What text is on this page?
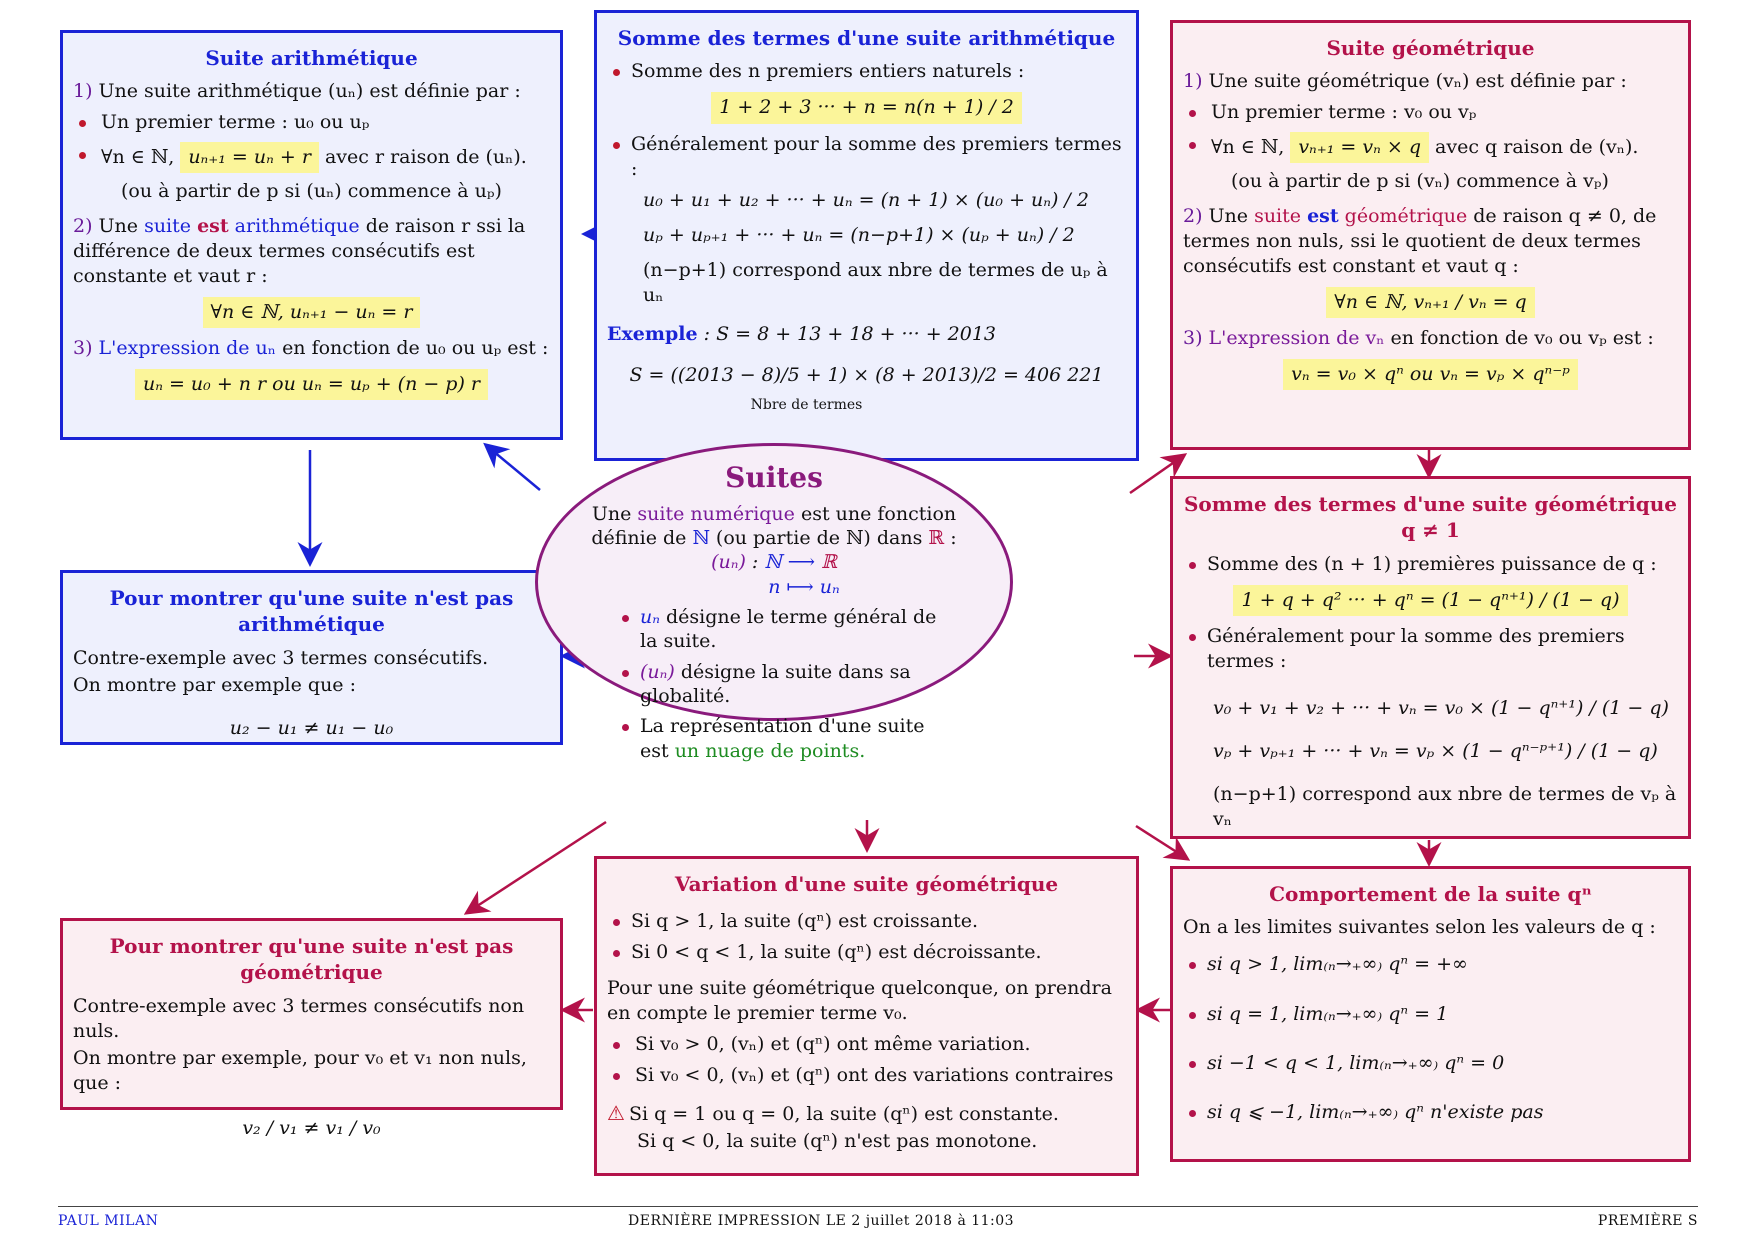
Suite arithmétique
1) Une suite arithmétique (uₙ) est définie par :
Un premier terme : u₀ ou uₚ
∀n ∈ ℕ, uₙ₊₁ = uₙ + r avec r raison de (uₙ).
(ou à partir de p si (uₙ) commence à uₚ)
2) Une suite est arithmétique de raison r ssi la différence de deux termes consécutifs est constante et vaut r :
∀n ∈ ℕ, uₙ₊₁ − uₙ = r
3) L'expression de uₙ en fonction de u₀ ou uₚ est :
uₙ = u₀ + n r ou uₙ = uₚ + (n − p) r
Somme des termes d'une suite arithmétique
Somme des n premiers entiers naturels :
1 + 2 + 3 ··· + n = n(n + 1) / 2
Généralement pour la somme des premiers termes :
u₀ + u₁ + u₂ + ··· + uₙ = (n + 1) × (u₀ + uₙ) / 2
uₚ + uₚ₊₁ + ··· + uₙ = (n−p+1) × (uₚ + uₙ) / 2
(n−p+1) correspond aux nbre de termes de uₚ à uₙ
Exemple : S = 8 + 13 + 18 + ··· + 2013
S = ((2013 − 8)/5 + 1) × (8 + 2013)/2 = 406 221
Nbre de termes
Suite géométrique
1) Une suite géométrique (vₙ) est définie par :
Un premier terme : v₀ ou vₚ
∀n ∈ ℕ, vₙ₊₁ = vₙ × q avec q raison de (vₙ).
(ou à partir de p si (vₙ) commence à vₚ)
2) Une suite est géométrique de raison q ≠ 0, de termes non nuls, ssi le quotient de deux termes consécutifs est constant et vaut q :
∀n ∈ ℕ, vₙ₊₁ / vₙ = q
3) L'expression de vₙ en fonction de v₀ ou vₚ est :
vₙ = v₀ × qⁿ ou vₙ = vₚ × qⁿ⁻ᵖ
Pour montrer qu'une suite n'est pas arithmétique
Contre-exemple avec 3 termes consécutifs.
On montre par exemple que :
u₂ − u₁ ≠ u₁ − u₀
Suites
Une suite numérique est une fonction
définie de ℕ (ou partie de ℕ) dans ℝ :
(uₙ) : ℕ ⟶ ℝ
n ⟼ uₙ
uₙ désigne le terme général de la suite.
(uₙ) désigne la suite dans sa globalité.
La représentation d'une suite est un nuage de points.
Somme des termes d'une suite géométrique q ≠ 1
Somme des (n + 1) premières puissance de q :
1 + q + q² ··· + qⁿ = (1 − qⁿ⁺¹) / (1 − q)
Généralement pour la somme des premiers termes :
v₀ + v₁ + v₂ + ··· + vₙ = v₀ × (1 − qⁿ⁺¹) / (1 − q)
vₚ + vₚ₊₁ + ··· + vₙ = vₚ × (1 − qⁿ⁻ᵖ⁺¹) / (1 − q)
(n−p+1) correspond aux nbre de termes de vₚ à vₙ
Pour montrer qu'une suite n'est pas géométrique
Contre-exemple avec 3 termes consécutifs non nuls.
On montre par exemple, pour v₀ et v₁ non nuls, que :
v₂ / v₁ ≠ v₁ / v₀
Variation d'une suite géométrique
Si q > 1, la suite (qⁿ) est croissante.
Si 0 < q < 1, la suite (qⁿ) est décroissante.
Pour une suite géométrique quelconque, on prendra en compte le premier terme v₀.
Si v₀ > 0, (vₙ) et (qⁿ) ont même variation.
Si v₀ < 0, (vₙ) et (qⁿ) ont des variations contraires
⚠ Si q = 1 ou q = 0, la suite (qⁿ) est constante.
Si q < 0, la suite (qⁿ) n'est pas monotone.
Comportement de la suite qⁿ
On a les limites suivantes selon les valeurs de q :
si q > 1, lim₍ₙ→₊∞₎ qⁿ = +∞
si q = 1, lim₍ₙ→₊∞₎ qⁿ = 1
si −1 < q < 1, lim₍ₙ→₊∞₎ qⁿ = 0
si q ⩽ −1, lim₍ₙ→₊∞₎ qⁿ n'existe pas
PAUL MILAN	DERNIÈRE IMPRESSION LE 2 juillet 2018 à 11:03	PREMIÈRE S
